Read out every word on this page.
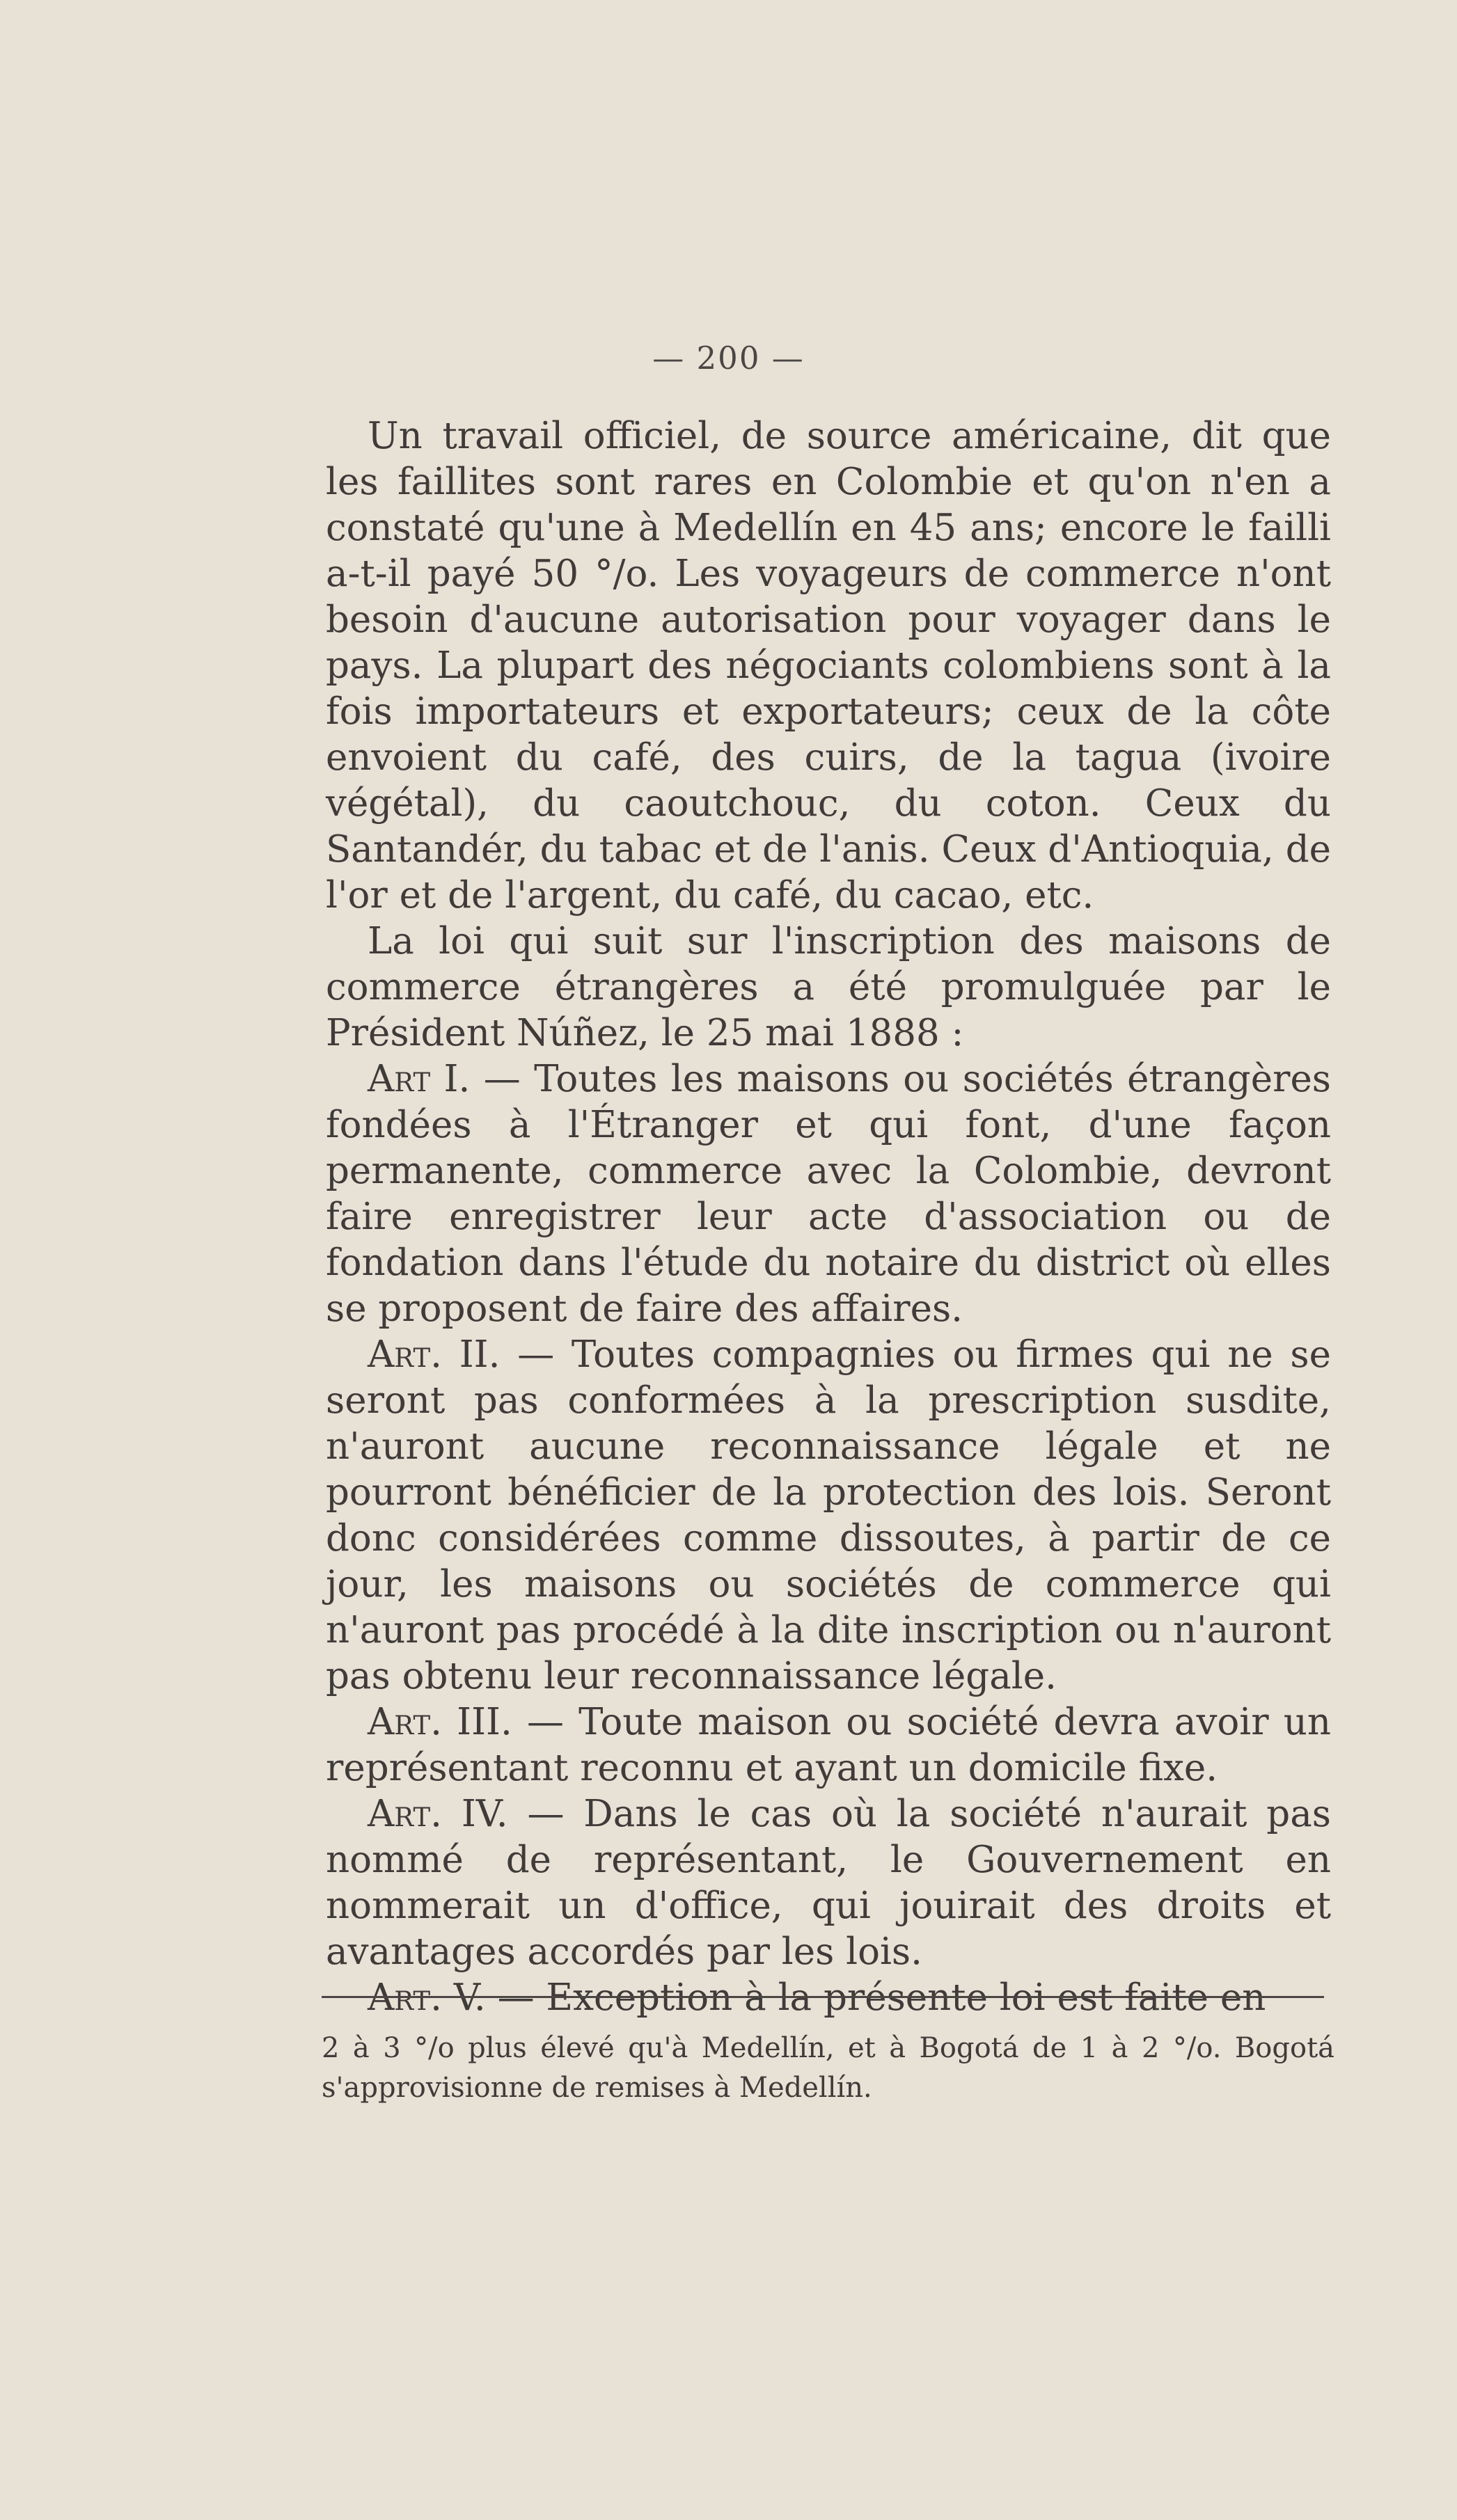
— 200 —

Un travail officiel, de source américaine, dit que les faillites sont rares en Colombie et qu'on n'en a constaté qu'une à Medellín en 45 ans; encore le failli a-t-il payé 50 °/o. Les voyageurs de commerce n'ont besoin d'aucune autorisation pour voyager dans le pays. La plupart des négociants colombiens sont à la fois importateurs et exportateurs; ceux de la côte envoient du café, des cuirs, de la tagua (ivoire végétal), du caoutchouc, du coton. Ceux du Santandér, du tabac et de l'anis. Ceux d'Antioquia, de l'or et de l'argent, du café, du cacao, etc.

La loi qui suit sur l'inscription des maisons de commerce étrangères a été promulguée par le Président Núñez, le 25 mai 1888 :

Art I. — Toutes les maisons ou sociétés étrangères fondées à l'Étranger et qui font, d'une façon permanente, commerce avec la Colombie, devront faire enregistrer leur acte d'association ou de fondation dans l'étude du notaire du district où elles se proposent de faire des affaires.

Art. II. — Toutes compagnies ou firmes qui ne se seront pas conformées à la prescription susdite, n'auront aucune reconnaissance légale et ne pourront bénéficier de la protection des lois. Seront donc considérées comme dissoutes, à partir de ce jour, les maisons ou sociétés de commerce qui n'auront pas procédé à la dite inscription ou n'auront pas obtenu leur reconnaissance légale.

Art. III. — Toute maison ou société devra avoir un représentant reconnu et ayant un domicile fixe.

Art. IV. — Dans le cas où la société n'aurait pas nommé de représentant, le Gouvernement en nommerait un d'office, qui jouirait des droits et avantages accordés par les lois.

Art. V. — Exception à la présente loi est faite en

2 à 3 °/o plus élevé qu'à Medellín, et à Bogotá de 1 à 2 °/o. Bogotá s'approvisionne de remises à Medellín.
